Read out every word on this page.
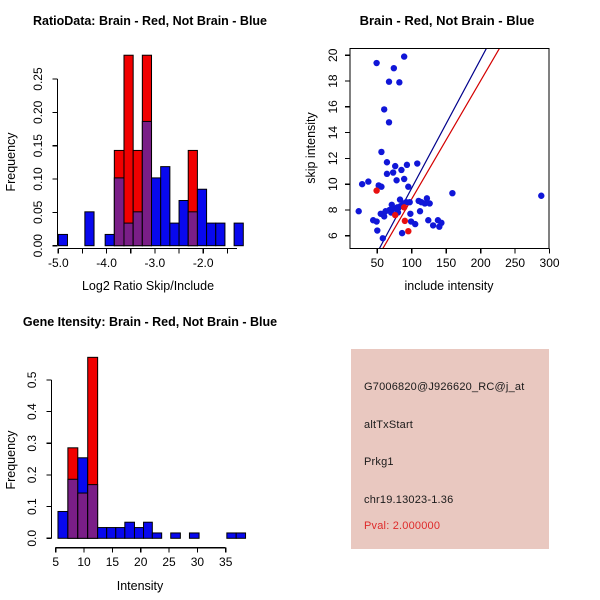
0.00
0.05
0.10
0.15
0.20
0.25
-5.0 -4.0 -3.0 -2.0
RatioData: Brain - Red, Not Brain - Blue
Log2 Ratio Skip/Include
Frequency
50 100 150 200 250 300
6
8
10
12
14
16
18
20
Brain - Red, Not Brain - Blue
include intensity
skip intensity
0.0
0.1
0.2
0.3
0.4
0.5
5 10 15 20 25 30 35
Gene Itensity: Brain - Red, Not Brain - Blue
Intensity
Frequency
G7006820@J926620_RC@j_at
altTxStart
Prkg1
chr19.13023-1.36
Pval: 2.000000
